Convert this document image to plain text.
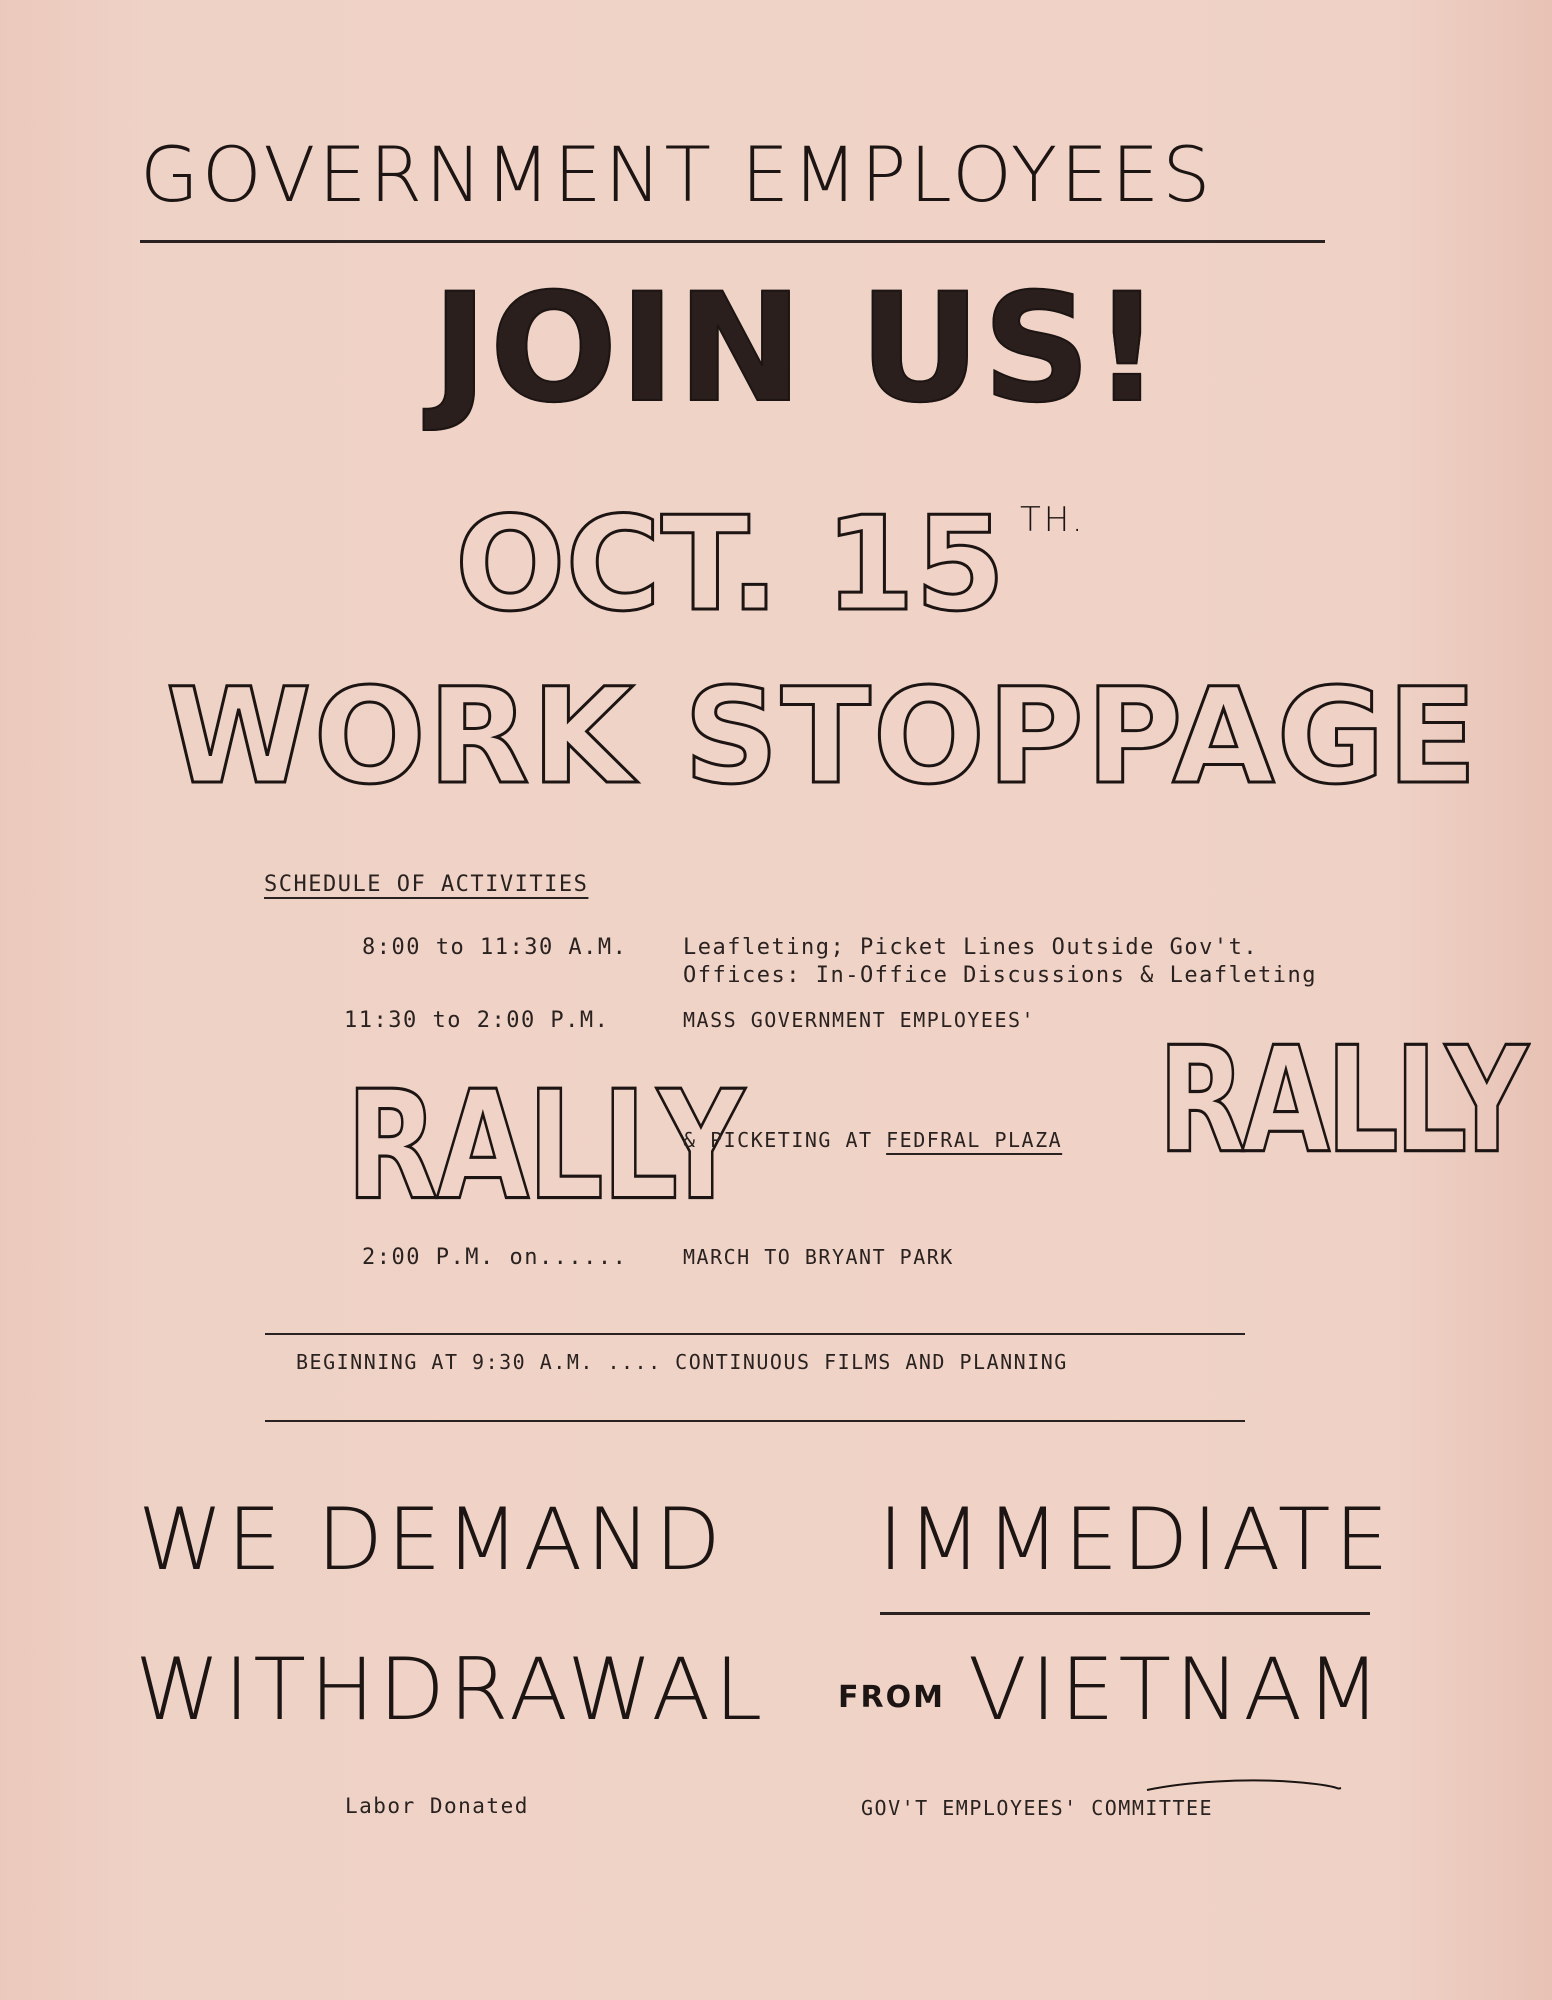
GOVERNMENT EMPLOYEES
JOIN US!
OCT. 15 TH.
WORK STOPPAGE
SCHEDULE OF ACTIVITIES
8:00 to 11:30 A.M.	Leafleting; Picket Lines Outside Gov't.
Offices: In-Office Discussions & Leafleting
11:30 to 2:00 P.M.	MASS GOVERNMENT EMPLOYEES'
RALLY
& PICKETING AT FEDFRAL PLAZA RALLY
2:00 P.M. on......	MARCH TO BRYANT PARK
BEGINNING AT 9:30 A.M. .... CONTINUOUS FILMS AND PLANNING
WE DEMAND IMMEDIATE
WITHDRAWAL FROM VIETNAM
Labor Donated	GOV'T EMPLOYEES' COMMITTEE
